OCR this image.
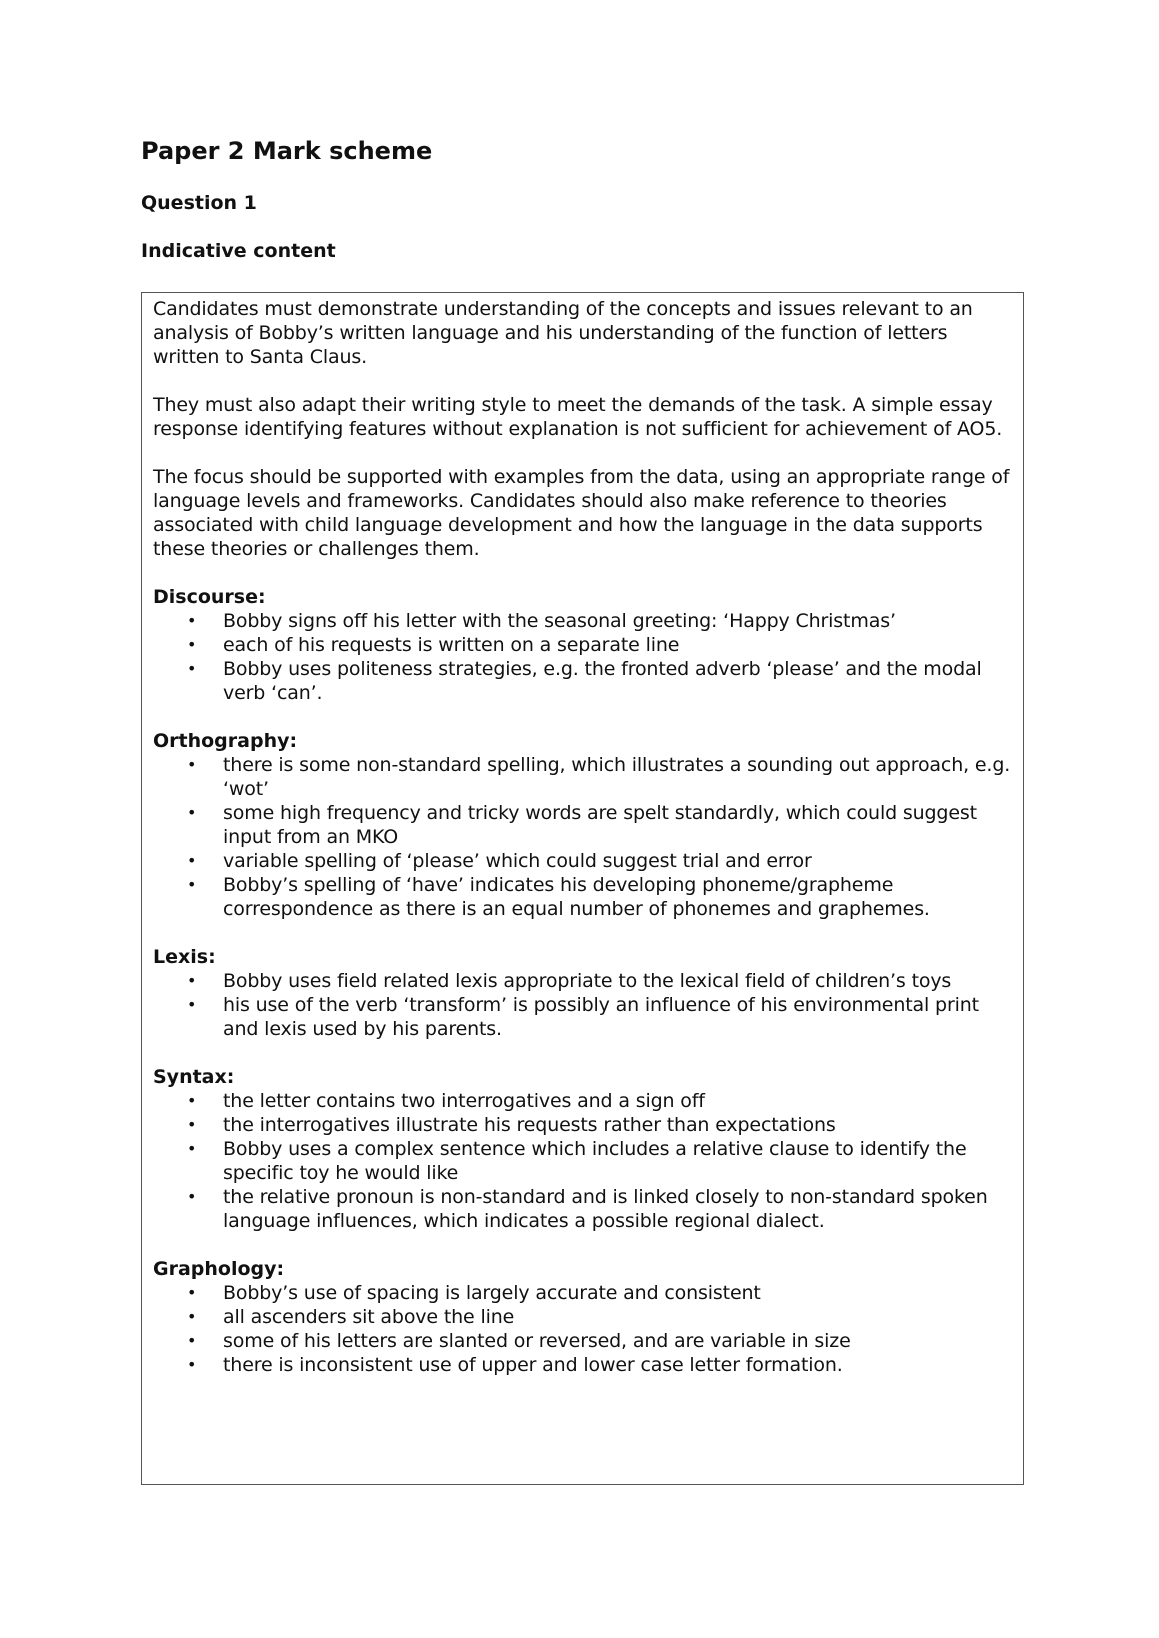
Paper 2 Mark scheme
Question 1
Indicative content

Candidates must demonstrate understanding of the concepts and issues relevant to an analysis of Bobby’s written language and his understanding of the function of letters written to Santa Claus.

They must also adapt their writing style to meet the demands of the task. A simple essay response identifying features without explanation is not sufficient for achievement of AO5.

The focus should be supported with examples from the data, using an appropriate range of language levels and frameworks. Candidates should also make reference to theories associated with child language development and how the language in the data supports these theories or challenges them.

Discourse:

• Bobby signs off his letter with the seasonal greeting: ‘Happy Christmas’
• each of his requests is written on a separate line
• Bobby uses politeness strategies, e.g. the fronted adverb ‘please’ and the modal verb ‘can’.

Orthography:

• there is some non-standard spelling, which illustrates a sounding out approach, e.g. ‘wot’
• some high frequency and tricky words are spelt standardly, which could suggest input from an MKO
• variable spelling of ‘please’ which could suggest trial and error
• Bobby’s spelling of ‘have’ indicates his developing phoneme/grapheme correspondence as there is an equal number of phonemes and graphemes.

Lexis:

• Bobby uses field related lexis appropriate to the lexical field of children’s toys
• his use of the verb ‘transform’ is possibly an influence of his environmental print and lexis used by his parents.

Syntax:

• the letter contains two interrogatives and a sign off
• the interrogatives illustrate his requests rather than expectations
• Bobby uses a complex sentence which includes a relative clause to identify the specific toy he would like
• the relative pronoun is non-standard and is linked closely to non-standard spoken language influences, which indicates a possible regional dialect.

Graphology:

• Bobby’s use of spacing is largely accurate and consistent
• all ascenders sit above the line
• some of his letters are slanted or reversed, and are variable in size
• there is inconsistent use of upper and lower case letter formation.
